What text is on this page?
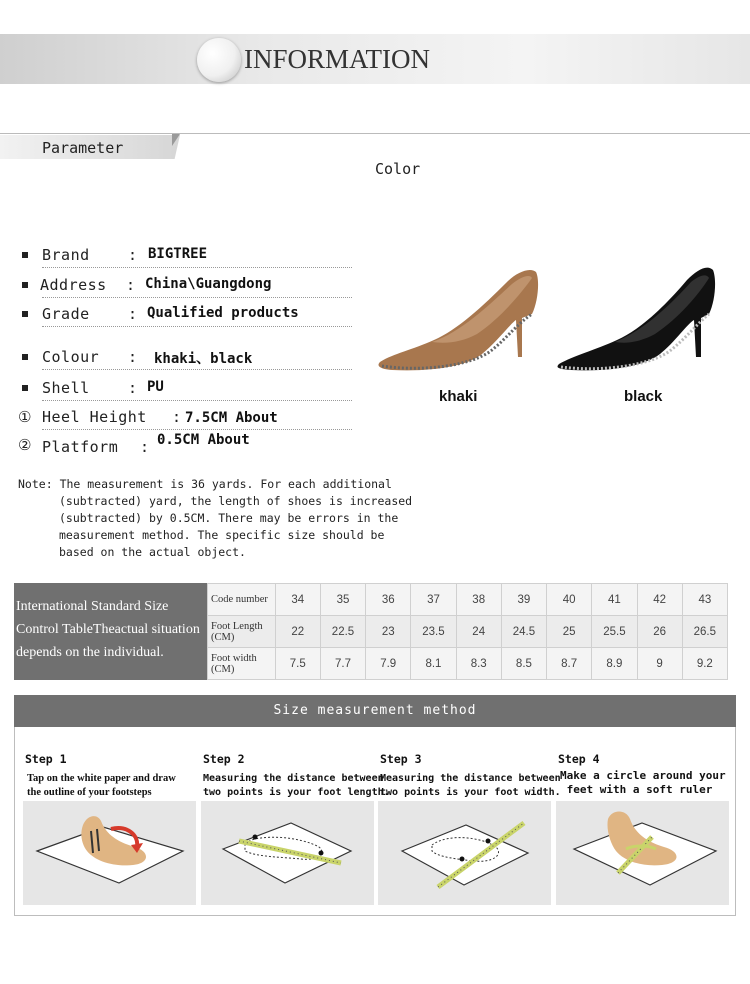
INFORMATION
Parameter
Color
Brand	: BIGTREE
Address : China\Guangdong
Grade	: Qualified products
Colour : khaki、black
Shell	: PU
① Heel Height : 7.5CM About
② Platform : 0.5CM About
khaki	black
Note: The measurement is 36 yards. For each additional
(subtracted) yard, the length of shoes is increased
(subtracted) by 0.5CM. There may be errors in the
measurement method. The specific size should be
based on the actual object.
International Standard Size
Control TableTheactual situation
depends on the individual.
Code number	34	35	36	37	38	39	40	41	42	43
Foot Length (CM)	22	22.5	23	23.5	24	24.5	25	25.5	26	26.5
Foot width (CM)	7.5	7.7	7.9	8.1	8.3	8.5	8.7	8.9	9	9.2
Size measurement method
Step 1
Tap on the white paper and draw
the outline of your footsteps
Step 2
Measuring the distance between
two points is your foot length.
Step 3
Measuring the distance between
two points is your foot width.
Step 4
Make a circle around your
feet with a soft ruler
